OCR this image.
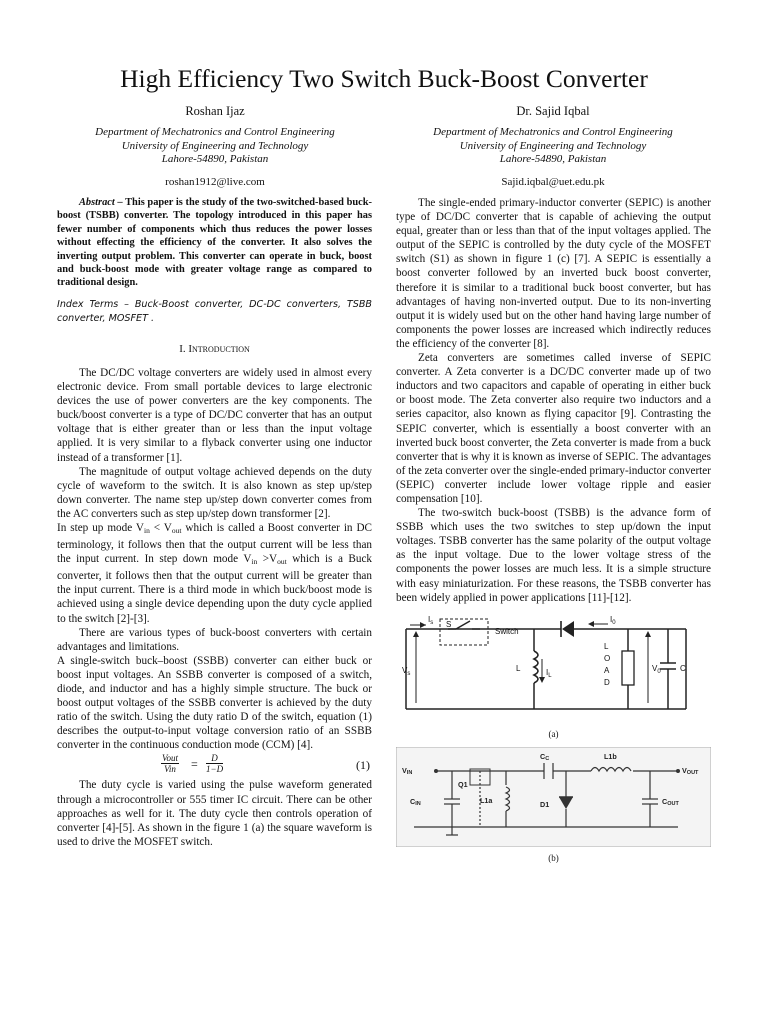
High Efficiency Two Switch Buck-Boost Converter
Roshan Ijaz
Department of Mechatronics and Control Engineering
University of Engineering and Technology
Lahore-54890, Pakistan
roshan1912@live.com
Dr. Sajid Iqbal
Department of Mechatronics and Control Engineering
University of Engineering and Technology
Lahore-54890, Pakistan
Sajid.iqbal@uet.edu.pk

Abstract – This paper is the study of the two-switched-based buck-boost (TSBB) converter. The topology introduced in this paper has fewer number of components which thus reduces the power losses without effecting the efficiency of the converter. It also solves the inverting output problem. This converter can operate in buck, boost and buck-boost mode with greater voltage range as compared to traditional design.

Index Terms – Buck-Boost converter, DC-DC converters, TSBB converter, MOSFET .

I. Introduction

The DC/DC voltage converters are widely used in almost every electronic device. From small portable devices to large electronic devices the use of power converters are the key components. The buck/boost converter is a type of DC/DC converter that has an output voltage that is either greater than or less than the input voltage applied. It is very similar to a flyback converter using one inductor instead of a transformer [1].

The magnitude of output voltage achieved depends on the duty cycle of waveform to the switch. It is also known as step up/step down converter. The name step up/step down converter comes from the AC converters such as step up/step down transformer [2].

In step up mode $V_{in} < V_{out}$ which is called a Boost converter in DC terminology, it follows then that the output current will be less than the input current. In step down mode $V_{in} >V_{out}$ which is a Buck converter, it follows then that the output current will be greater than the input current. There is a third mode in which buck/boost mode is achieved using a single device depending upon the duty cycle applied to the switch [2]-[3].

There are various types of buck-boost converters with certain advantages and limitations.

A single-switch buck–boost (SSBB) converter can either buck or boost input voltages. An SSBB converter is composed of a switch, diode, and inductor and has a highly simple structure. The buck or boost output voltages of the SSBB converter is achieved by the duty ratio of the switch. Using the duty ratio D of the switch, equation (1) describes the output-to-input voltage conversion ratio of an SSBB converter in the continuous conduction mode (CCM) [4].

Vout
Vin = $\frac{D}{1-D}$	(1)

The duty cycle is varied using the pulse waveform generated through a microcontroller or 555 timer IC circuit. There can be other approaches as well for it. The duty cycle then controls operation of converter [4]-[5]. As shown in the figure 1 (a) the square waveform is used to drive the MOSFET switch.

The single-ended primary-inductor converter (SEPIC) is another type of DC/DC converter that is capable of achieving the output equal, greater than or less than that of the input voltages applied. The output of the SEPIC is controlled by the duty cycle of the MOSFET switch (S1) as shown in figure 1 (c) [7]. A SEPIC is essentially a boost converter followed by an inverted buck boost converter, therefore it is similar to a traditional buck boost converter, but has advantages of having non-inverted output. Due to its non-inverting output it is widely used but on the other hand having large number of components the power losses are increased which indirectly reduces the efficiency of the converter [8].

Zeta converters are sometimes called inverse of SEPIC converter. A Zeta converter is a DC/DC converter made up of two inductors and two capacitors and capable of operating in either buck or boost mode. The Zeta converter also require two inductors and a series capacitor, also known as flying capacitor [9]. Contrasting the SEPIC converter, which is essentially a boost converter with an inverted buck boost converter, the Zeta converter is made from a buck converter that is why it is known as inverse of SEPIC. The advantages of the zeta converter over the single-ended primary-inductor converter (SEPIC) converter include lower voltage ripple and easier compensation [10].

The two-switch buck-boost (TSBB) is the advance form of SSBB which uses the two switches to step up/down the input voltages. TSBB converter has the same polarity of the output voltage as the input voltage. Due to the lower voltage stress of the components the power losses are much less. It is a simple structure with easy miniaturization. For these reasons, the TSBB converter has been widely applied in power applications [11]-[12].

$I_s$ S
Switch
$I_0$
$V_s$
L	$I_L$
L
O
A
D
$V_0$ C
(a)
VIN
CIN
Q1
L1a
CC	L1b
D1
VOUT
COUT
(b)
